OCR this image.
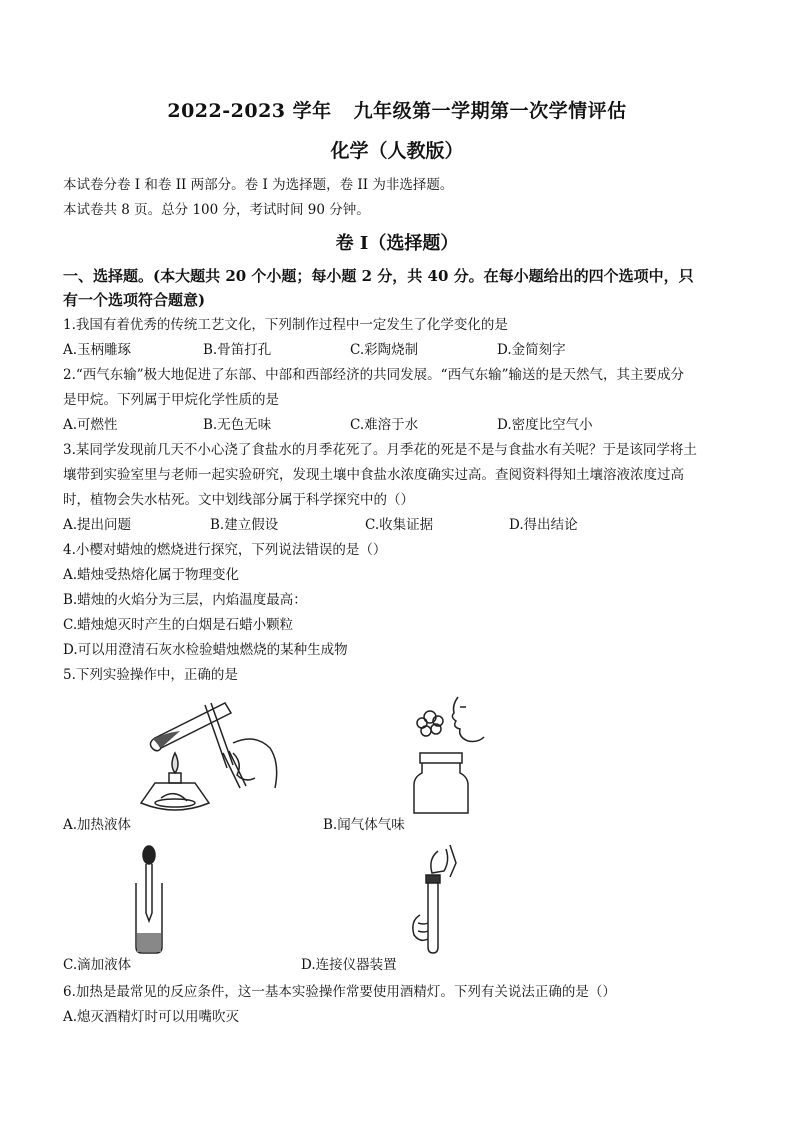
2022-2023 学年 九年级第一学期第一次学情评估
化学（人教版）
本试卷分卷 I 和卷 II 两部分。卷 I 为选择题，卷 II 为非选择题。
本试卷共 8 页。总分 100 分，考试时间 90 分钟。
卷 I（选择题）
一、选择题。(本大题共 20 个小题；每小题 2 分，共 40 分。在每小题给出的四个选项中，只
有一个选项符合题意)
1.我国有着优秀的传统工艺文化，下列制作过程中一定发生了化学变化的是
A.玉柄雕琢	B.骨笛打孔	C.彩陶烧制	D.金简刻字
2.“西气东输”极大地促进了东部、中部和西部经济的共同发展。“西气东输”输送的是天然气，其主要成分
是甲烷。下列属于甲烷化学性质的是
A.可燃性	B.无色无味	C.难溶于水	D.密度比空气小
3.某同学发现前几天不小心浇了食盐水的月季花死了。月季花的死是不是与食盐水有关呢？于是该同学将土
壤带到实验室里与老师一起实验研究，发现土壤中食盐水浓度确实过高。查阅资料得知土壤溶液浓度过高
时，植物会失水枯死。文中划线部分属于科学探究中的（）
A.提出问题	B.建立假设	C.收集证据	D.得出结论
4.小樱对蜡烛的燃烧进行探究，下列说法错误的是（）
A.蜡烛受热熔化属于物理变化
B.蜡烛的火焰分为三层，内焰温度最高：
C.蜡烛熄灭时产生的白烟是石蜡小颗粒
D.可以用澄清石灰水检验蜡烛燃烧的某种生成物
5.下列实验操作中，正确的是
A.加热液体	B.闻气体气味
C.滴加液体	D.连接仪器装置
6.加热是最常见的反应条件，这一基本实验操作常要使用酒精灯。下列有关说法正确的是（）
A.熄灭酒精灯时可以用嘴吹灭
